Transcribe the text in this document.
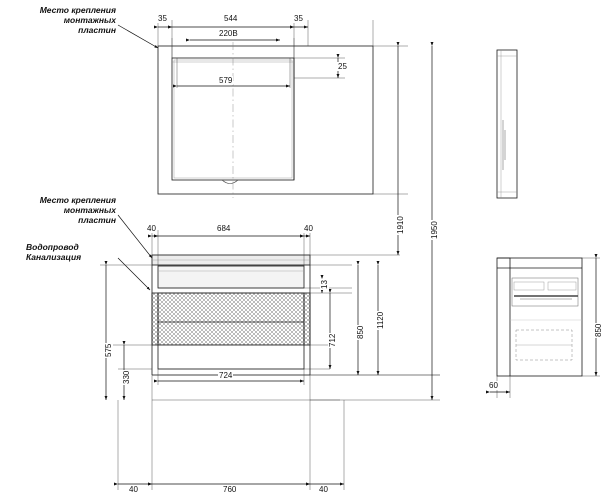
Место крепления
монтажных
пластин
Место крепления
монтажных
пластин
Водопровод
Канализация
35	544	35
220В
579
25
1910	1950
1120
850
712
575
330
13
40	684	40
724
40	760	40
60
850
